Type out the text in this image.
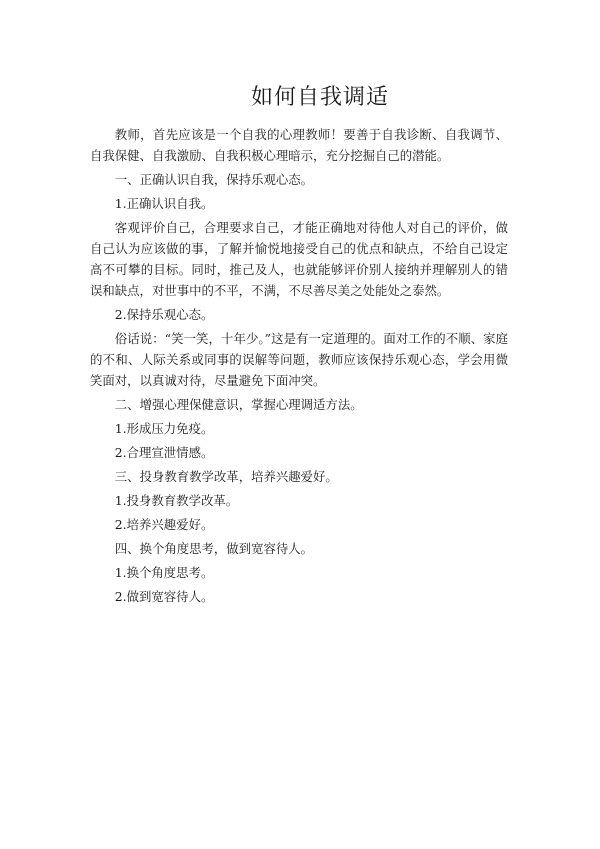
如何自我调适

教师，首先应该是一个自我的心理教师！要善于自我诊断、自我调节、自我保健、自我激励、自我积极心理暗示，充分挖掘自己的潜能。

一、正确认识自我，保持乐观心态。

1.正确认识自我。

客观评价自己，合理要求自己，才能正确地对待他人对自己的评价，做自己认为应该做的事，了解并愉悦地接受自己的优点和缺点，不给自己设定高不可攀的目标。同时，推己及人，也就能够评价别人接纳并理解别人的错误和缺点，对世事中的不平，不满，不尽善尽美之处能处之泰然。

2.保持乐观心态。

俗话说：“笑一笑，十年少。”这是有一定道理的。面对工作的不顺、家庭的不和、人际关系或同事的误解等问题，教师应该保持乐观心态，学会用微笑面对，以真诚对待，尽量避免下面冲突。

二、增强心理保健意识，掌握心理调适方法。

1.形成压力免疫。

2.合理宣泄情感。

三、投身教育教学改革，培养兴趣爱好。

1.投身教育教学改革。

2.培养兴趣爱好。

四、换个角度思考，做到宽容待人。

1.换个角度思考。

2.做到宽容待人。
